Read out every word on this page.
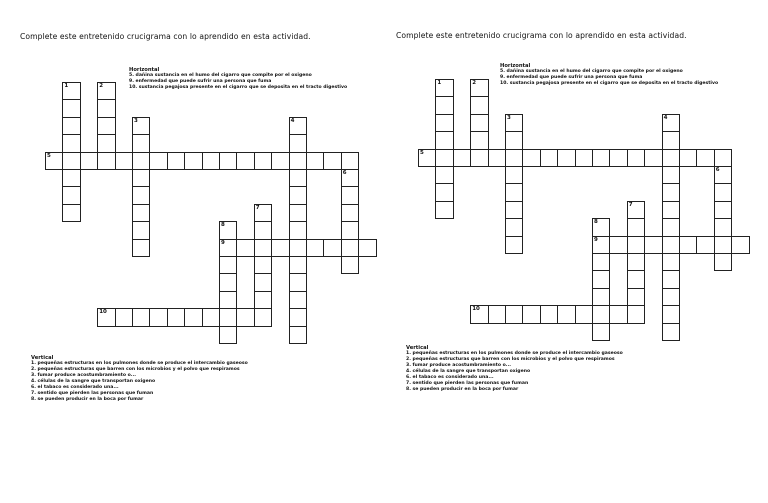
Complete este entretenido crucigrama con lo aprendido en esta actividad.
Horizontal
5. dañina sustancia en el humo del cigarro que compite por el oxigeno
9. enfermedad que puede sufrir una persona que fuma
10. sustancia pegajosa presente en el cigarro que se deposita en el tracto digestivo
Vertical
1. pequeñas estructuras en los pulmones donde se produce el intercambio gaseoso
2. pequeñas estructuras que barren con los microbios y el polvo que respiramos
3. fumar produce acostumbramiento o...
4. células de la sangre que transportan oxigeno
6. el tabaco es considerado una...
7. sentido que pierden las personas que fuman
8. se pueden producir en la boca por fumar
1	2
3	4
5
6
7
8
9
10
Complete este entretenido crucigrama con lo aprendido en esta actividad.
Horizontal
5. dañina sustancia en el humo del cigarro que compite por el oxigeno
9. enfermedad que puede sufrir una persona que fuma
10. sustancia pegajosa presente en el cigarro que se deposita en el tracto digestivo
Vertical
1. pequeñas estructuras en los pulmones donde se produce el intercambio gaseoso
2. pequeñas estructuras que barren con los microbios y el polvo que respiramos
3. fumar produce acostumbramiento o...
4. células de la sangre que transportan oxigeno
6. el tabaco es considerado una...
7. sentido que pierden las personas que fuman
8. se pueden producir en la boca por fumar
1	2
3	4
5
6
7
8
9
10
